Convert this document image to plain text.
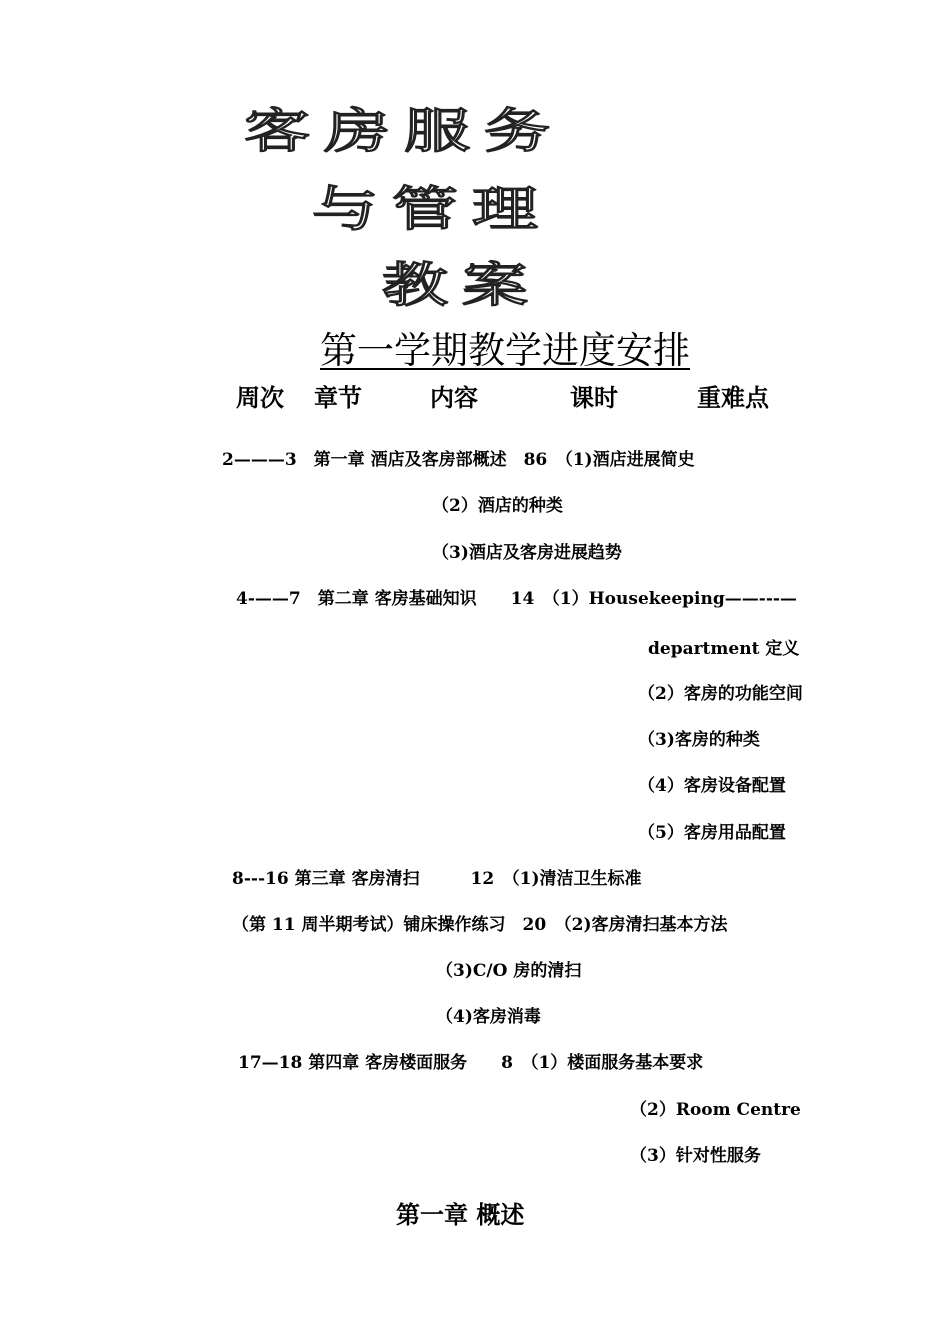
客房服务
与管理
教案
第一学期教学进度安排
周次 章节	内容	课时	重难点
2———3　第一章 酒店及客房部概述　86　（1)酒店进展简史
（2）酒店的种类
（3)酒店及客房进展趋势
4-——7　第二章 客房基础知识　　14　（1）Housekeeping——---—
department 定义
（2）客房的功能空间
（3)客房的种类
（4）客房设备配置
（5）客房用品配置
8---16 第三章 客房清扫　　　12　（1)清洁卫生标准
（第 11 周半期考试）铺床操作练习　20　（2)客房清扫基本方法
（3)C/O 房的清扫
（4)客房消毒
17—18 第四章 客房楼面服务　　8　（1）楼面服务基本要求
（2）Room Centre
（3）针对性服务
第一章 概述
